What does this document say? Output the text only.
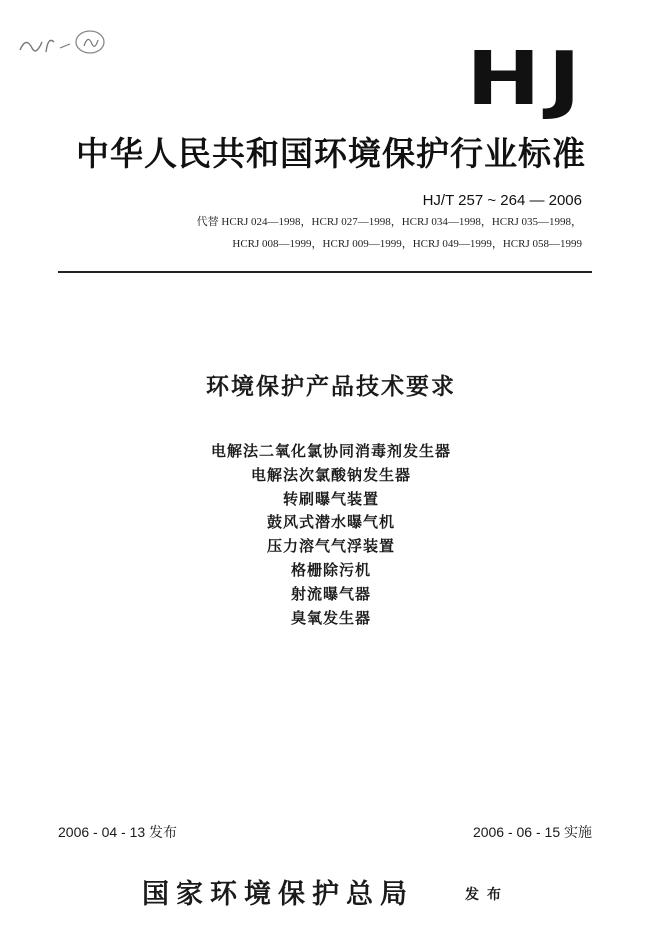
HJ
中华人民共和国环境保护行业标准
HJ/T 257 ~ 264 — 2006
代替 HCRJ 024—1998，HCRJ 027—1998，HCRJ 034—1998，HCRJ 035—1998，
HCRJ 008—1999，HCRJ 009—1999，HCRJ 049—1999，HCRJ 058—1999
环境保护产品技术要求
电解法二氧化氯协同消毒剂发生器
电解法次氯酸钠发生器
转刷曝气装置
鼓风式潜水曝气机
压力溶气气浮装置
格栅除污机
射流曝气器
臭氧发生器
2006 - 04 - 13 发布	2006 - 06 - 15 实施
国家环境保护总局	发布
